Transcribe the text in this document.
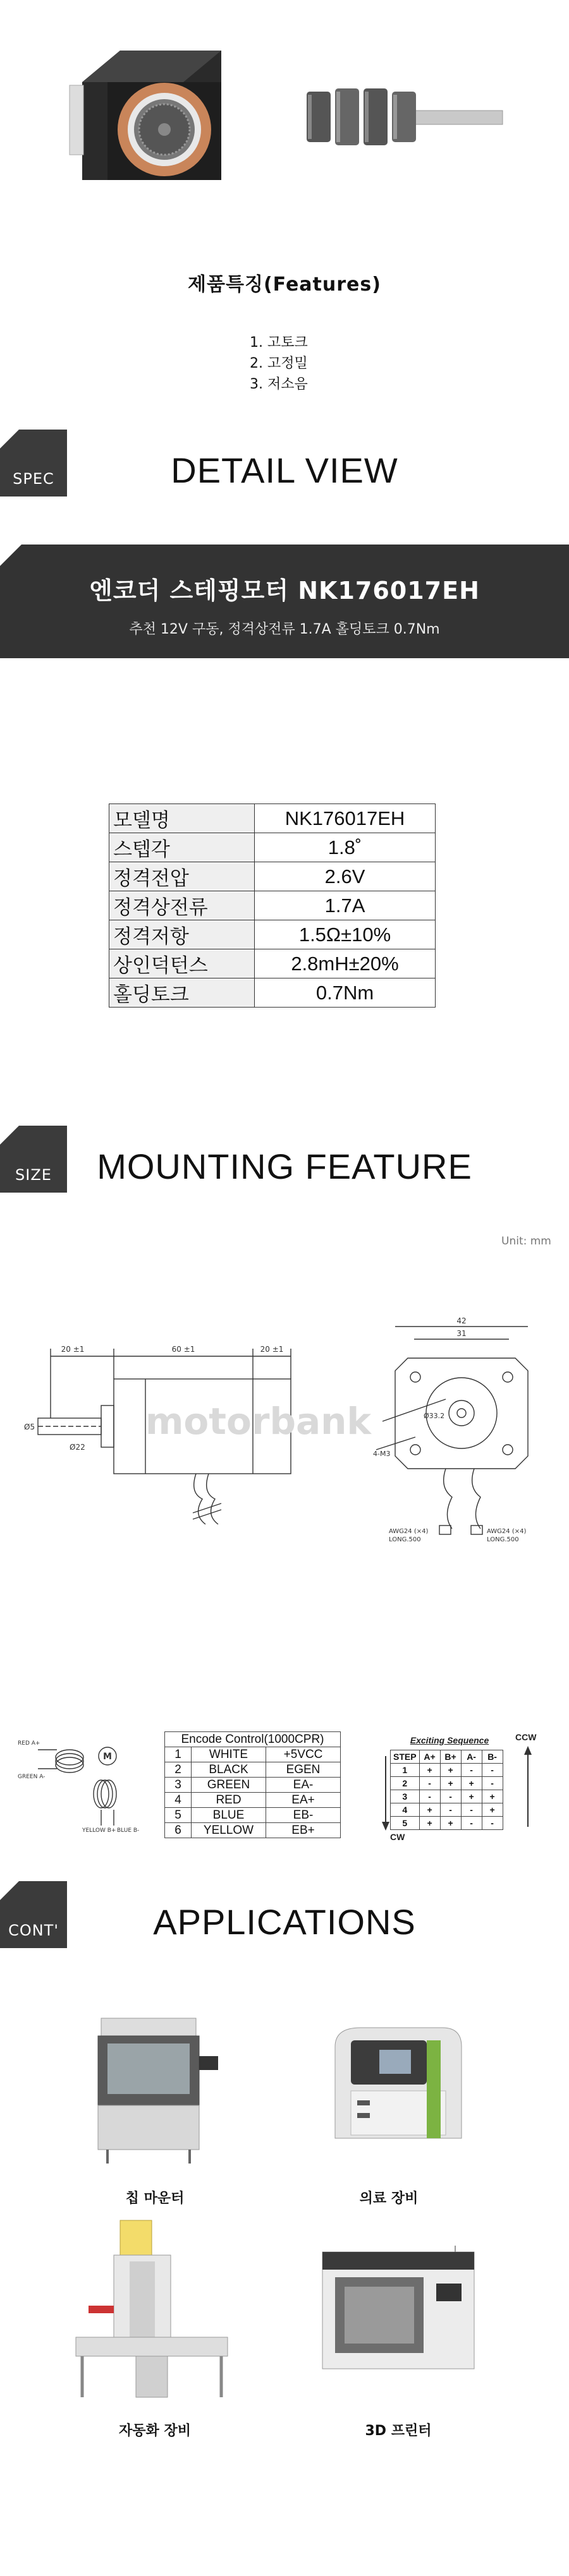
제품특징(Features)
1. 고토크
2. 고정밀
3. 저소음
SPEC	DETAIL VIEW
엔코더 스테핑모터 NK176017EH
추천 12V 구동, 정격상전류 1.7A 홀딩토크 0.7Nm
모델명	NK176017EH
스텝각	1.8˚
정격전압	2.6V
정격상전류	1.7A
정격저항	1.5Ω±10%
상인덕턴스	2.8mH±20%
홀딩토크	0.7Nm
SIZE	MOUNTING FEATURE
Unit: mm
20 ±1	60 ±1	20 ±1
Ø5
Ø22
motorbank
42
31
Ø33.2
4-M3
AWG24 (×4)
LONG.500
AWG24 (×4)
LONG.500
M
RED A+
GREEN A-
YELLOW B+ BLUE B-
Encode Control(1000CPR)		
1	WHITE	+5VCC
2	BLACK	EGEN
3	GREEN	EA-
4	RED	EA+
5	BLUE	EB-
6	YELLOW	EB+
Exciting Sequence	CCW
CW
STEP	A+	B+	A-	B-
1	+	+	-	-
2	-	+	+	-
3	-	-	+	+
4	+	-	-	+
5	+	+	-	-
CONT'	APPLICATIONS
칩 마운터	의료 장비
자동화 장비	3D 프린터
